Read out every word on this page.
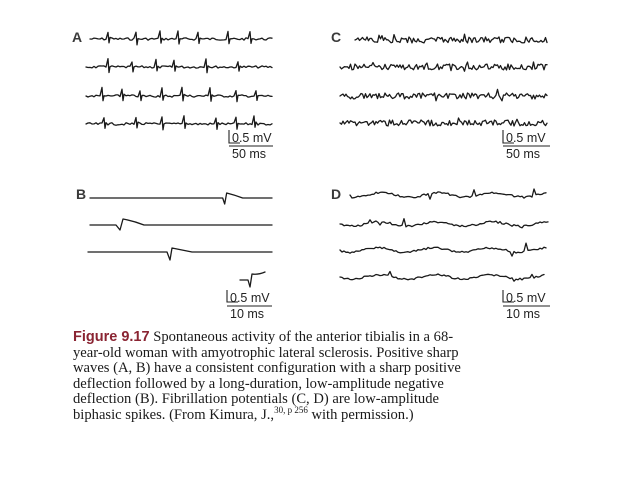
A
0.5 mV
50 ms
C
0.5 mV
50 ms
B
0.5 mV
10 ms
D
0.5 mV
10 ms

Figure 9.17 Spontaneous activity of the anterior tibialis in a 68-
year-old woman with amyotrophic lateral sclerosis. Positive sharp
waves (A, B) have a consistent configuration with a sharp positive
deflection followed by a long-duration, low-amplitude negative
deflection (B). Fibrillation potentials (C, D) are low-amplitude
biphasic spikes. (From Kimura, J.,$^{30, p 256}$ with permission.)
